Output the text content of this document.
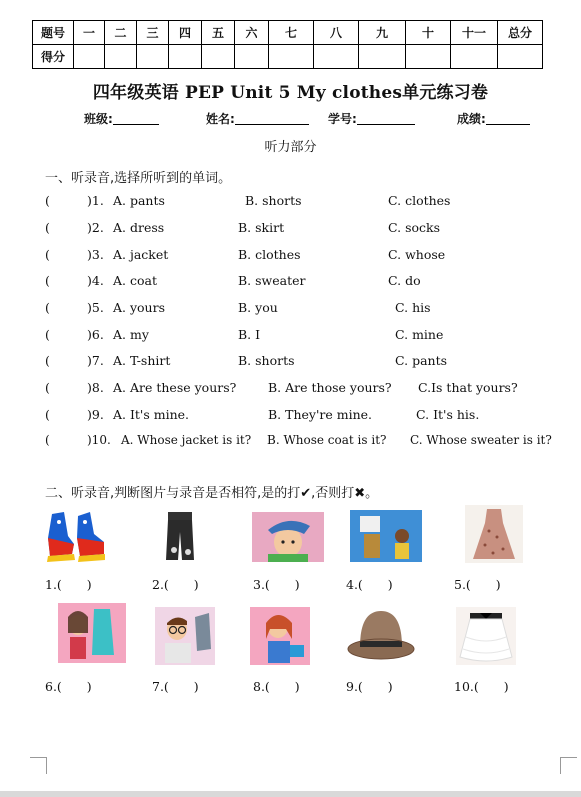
题号	一	二	三	四	五	六	七	八	九	十	十一	总分
得分												
四年级英语 PEP Unit 5 My clothes单元练习卷
班级:	姓名:	学号:	成绩:
听力部分
一、听录音,选择所听到的单词。
(	)1. A. pants	B. shorts	C. clothes
(	)2. A. dress	B. skirt	C. socks
(	)3. A. jacket	B. clothes	C. whose
(	)4. A. coat	B. sweater	C. do
(	)5. A. yours	B. you	C. his
(	)6. A. my	B. I	C. mine
(	)7. A. T-shirt	B. shorts	C. pants
(	)8. A. Are these yours?	B. Are those yours? C.Is that yours?
(	)9. A. It's mine.	B. They're mine.	C. It's his.
(	)10. A. Whose jacket is it? B. Whose coat is it? C. Whose sweater is it?
二、听录音,判断图片与录音是否相符,是的打✔,否则打✖。
1.(　　)	2.(　　)	3.(　　)	4.(　　)	5.(　　)
6.(　　)	7.(　　)	8.(　　)	9.(　　)	10.(　　)
